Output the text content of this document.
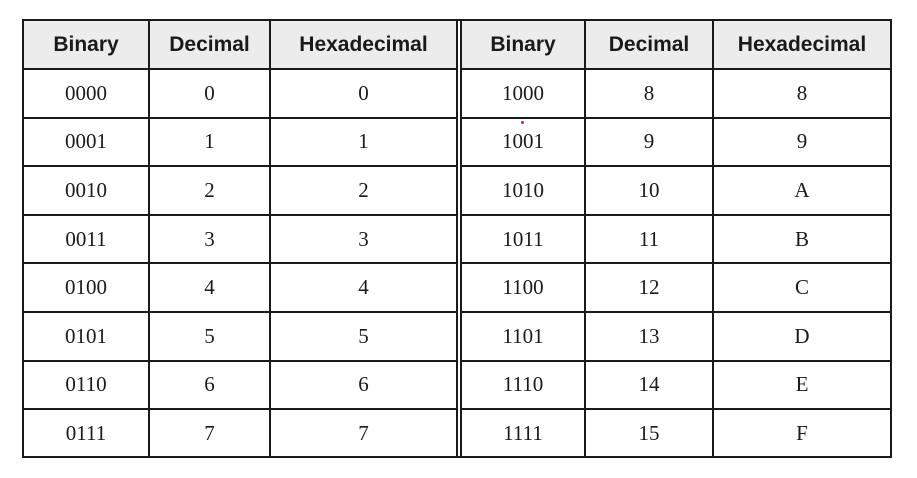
Binary	Decimal	Hexadecimal
0000	0	0
0001	1	1
0010	2	2
0011	3	3
0100	4	4
0101	5	5
0110	6	6
0111	7	7
Binary	Decimal	Hexadecimal
1000	8	8
1001	9	9
1010	10	A
1011	11	B
1100	12	C
1101	13	D
1110	14	E
1111	15	F
